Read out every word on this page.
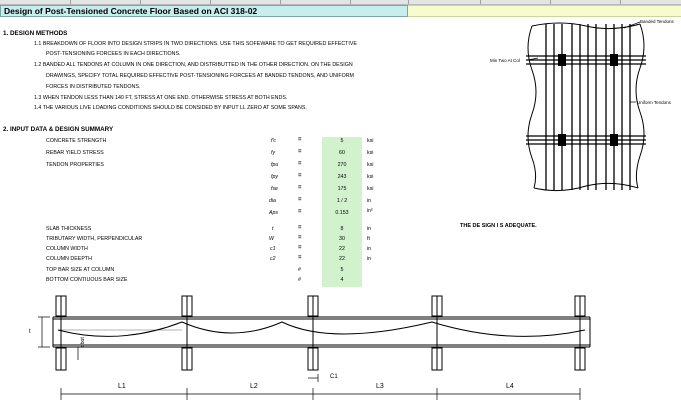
Design of Post-Tensioned Concrete Floor Based on ACI 318-02
1. DESIGN METHODS
1.1 BREAKDOWN OF FLOOR INTO DESIGN STRIPS IN TWO DIRECTIONS. USE THIS SOFEWARE TO GET REQUIRED EFFECTIVE
POST-TENSIONING FORCEES IN EACH DIRECTIONS.
1.2 BANDED ALL TENDONS AT COLUMN IN ONE DIRECTION, AND DISTRIBUTTED IN THE OTHER DIRECTION. ON THE DESIGN
DRAWINGS, SPECIFY TOTAL REQUIRED EFFECTIVE POST-TENSIONING FORCEES AT BANDED TENDONS, AND UNIFORM
FORCES IN DISTRIBUTED TENDONS.
1.3 WHEN TENDON LESS THAN 140 FT, STRESS AT ONE END. OTHERWISE STRESS AT BOTH ENDS.
1.4 THE VARIOUS LIVE LOADING CONDITIONS SHOULD BE CONSIDED BY INPUT LL ZERO AT SOME SPANS.
2. INPUT DATA & DESIGN SUMMARY
CONCRETE STRENGTH	f'c	=	5	ksi
REBAR YIELD STRESS	fy	=	60	ksi
TENDON PROPERTIES	fpu	=	270	ksi
fpy	=	243	ksi
fse	=	175	ksi
dia	=	1 / 2	in
Aps	=	0.153	in²
SLAB THICKNESS	t	=	8	in
TRIBUTARY WIDTH, PERPENDICULAR	W	=	30	ft
COLUMN WIDTH	c1	=	22	in
COLUMN DEEPTH	c2	=	22	in
TOP BAR SIZE AT COLUMN	#	5
BOTTOM CONTIUOUS BAR SIZE	#	4
THE DE SIGN I S ADEQUATE.
Banded Tendons
Min Two At Col
Uniform Tendons
t
dbot
C1
L1	L2	L3	L4
